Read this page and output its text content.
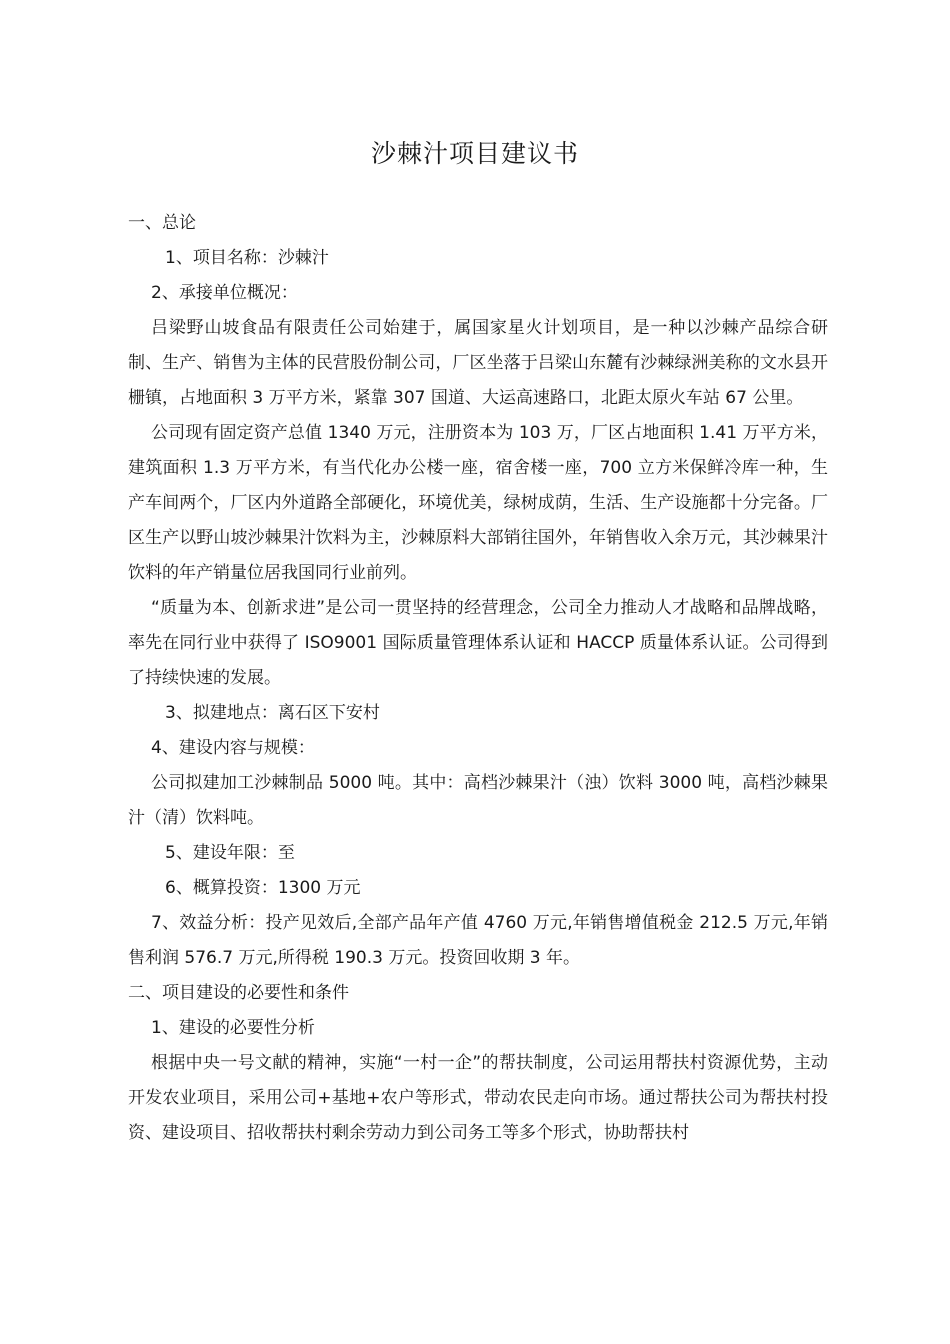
沙棘汁项目建议书

一、总论

1、项目名称：沙棘汁

2、承接单位概况：

吕梁野山坡食品有限责任公司始建于，属国家星火计划项目，是一种以沙棘产品综合研制、生产、销售为主体的民营股份制公司，厂区坐落于吕梁山东麓有沙棘绿洲美称的文水县开栅镇，占地面积 3 万平方米，紧靠 307 国道、大运高速路口，北距太原火车站 67 公里。

公司现有固定资产总值 1340 万元，注册资本为 103 万，厂区占地面积 1.41 万平方米，建筑面积 1.3 万平方米，有当代化办公楼一座，宿舍楼一座，700 立方米保鲜冷库一种，生产车间两个，厂区内外道路全部硬化，环境优美，绿树成荫，生活、生产设施都十分完备。厂区生产以野山坡沙棘果汁饮料为主，沙棘原料大部销往国外，年销售收入余万元，其沙棘果汁饮料的年产销量位居我国同行业前列。

“质量为本、创新求进”是公司一贯坚持的经营理念，公司全力推动人才战略和品牌战略，率先在同行业中获得了 ISO9001 国际质量管理体系认证和 HACCP 质量体系认证。公司得到了持续快速的发展。

3、拟建地点：离石区下安村

4、建设内容与规模：

公司拟建加工沙棘制品 5000 吨。其中：高档沙棘果汁（浊）饮料 3000 吨，高档沙棘果汁（清）饮料吨。

5、建设年限：至

6、概算投资：1300 万元

7、效益分析：投产见效后,全部产品年产值 4760 万元,年销售增值税金 212.5 万元,年销售利润 576.7 万元,所得税 190.3 万元。投资回收期 3 年。

二、项目建设的必要性和条件

1、建设的必要性分析

根据中央一号文献的精神，实施“一村一企”的帮扶制度，公司运用帮扶村资源优势，主动开发农业项目，采用公司+基地+农户等形式，带动农民走向市场。通过帮扶公司为帮扶村投资、建设项目、招收帮扶村剩余劳动力到公司务工等多个形式，协助帮扶村
